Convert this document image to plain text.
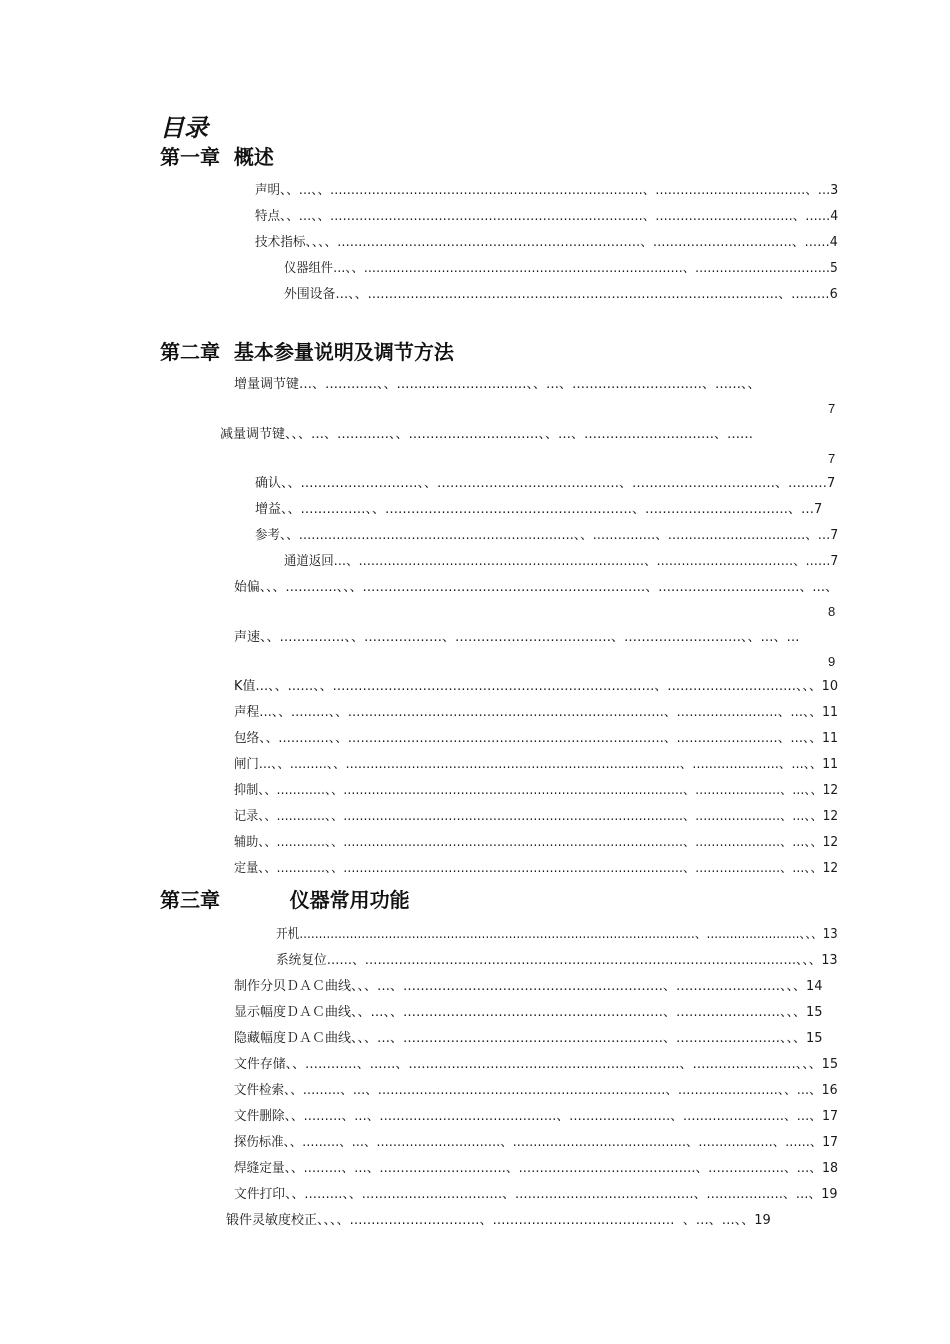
目录
第一章  概述
声明、、…、、…………………………………………………………………、………………………………、…3
特点、、…、、…………………………………………………………………、……………………………、……4
技术指标、、、、………………………………………………………………、……………………………、……4
仪器组件…、、……………………………………………………………………、……………………………5
外围设备…、、……………………………………………………………………………………、………6
第二章  基本参量说明及调节方法
增量调节键…、…………、、…………………………、、…、…………………………、……、、
7
减量调节键、、、…、…………、、…………………………、、…、…………………………、……
7
确认、、………………………、、……………………………………、……………………………、………7
增益、、……………、、…………………………………………………、……………………………、…7
参考、、…………………………………………………………、、……………、……………………………、…7
通道返回…、……………………………………………………………、……………………………、……7
始偏、、、…………、、、…………………………………………………………、……………………………、…、
8
声速、、……………、、………………、………………………………、………………………、、…、…
9
K值…、、……、、…………………………………………………………………、…………………………、、、10
声程…、、………、、…………………………………………………………………、……………………、…、、11
包络、、…………、、…………………………………………………………………、……………………、…、、11
闸门…、、………、、………………………………………………………………………、…………………、…、、11
抑制、、…………、、…………………………………………………………………………、…………………、…、、12
记录、、…………、、…………………………………………………………………………、…………………、…、、12
辅助、、…………、、…………………………………………………………………………、…………………、…、、12
定量、、…………、、…………………………………………………………………………、…………………、…、、12
第三章          仪器常用功能
开机…………………………………………………………………………………………、……………………、、、13
系统复位……、…………………………………………………………………………………………、、、13
制作分贝ＤＡＣ曲线、、、…、……………………………………………………、……………………、、、14
显示幅度ＤＡＣ曲线、、…、、……………………………………………………、……………………、、、15
隐藏幅度ＤＡＣ曲线、、、…、……………………………………………………、……………………、、、15
文件存储、、…………、……、………………………………………………………、……………………、、、15
文件检索、、………、…、……………………………………………………………、……………………、、…、16
文件删除、、………、…、……………………………………、……………………、……………………、…、17
探伤标准、、………、…、…………………………、……………………………………、………………、……、17
焊缝定量、、………、…、…………………………、……………………………………、………………、…、18
文件打印、、………、、……………………………、……………………………………、………………、…、19
锻件灵敏度校正、、、、…………………………、……………………………………  、…、…、、19
